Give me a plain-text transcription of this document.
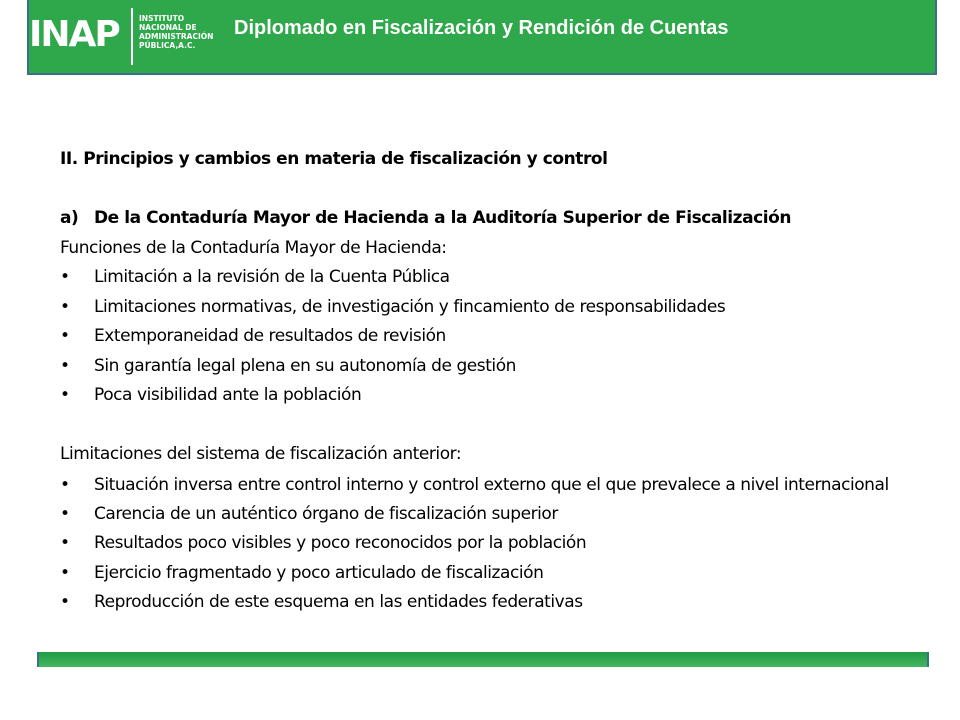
INAP	INSTITUTO
NACIONAL DE
ADMINISTRACIÓN
PÚBLICA,A.C.
Diplomado en Fiscalización y Rendición de Cuentas

II. Principios y cambios en materia de fiscalización y control

a) De la Contaduría Mayor de Hacienda a la Auditoría Superior de Fiscalización

Funciones de la Contaduría Mayor de Hacienda:

•	Limitación a la revisión de la Cuenta Pública
•	Limitaciones normativas, de investigación y fincamiento de responsabilidades
•	Extemporaneidad de resultados de revisión
•	Sin garantía legal plena en su autonomía de gestión
•	Poca visibilidad ante la población

Limitaciones del sistema de fiscalización anterior:

•	Situación inversa entre control interno y control externo que el que prevalece a nivel internacional
•	Carencia de un auténtico órgano de fiscalización superior
•	Resultados poco visibles y poco reconocidos por la población
•	Ejercicio fragmentado y poco articulado de fiscalización
•	Reproducción de este esquema en las entidades federativas
